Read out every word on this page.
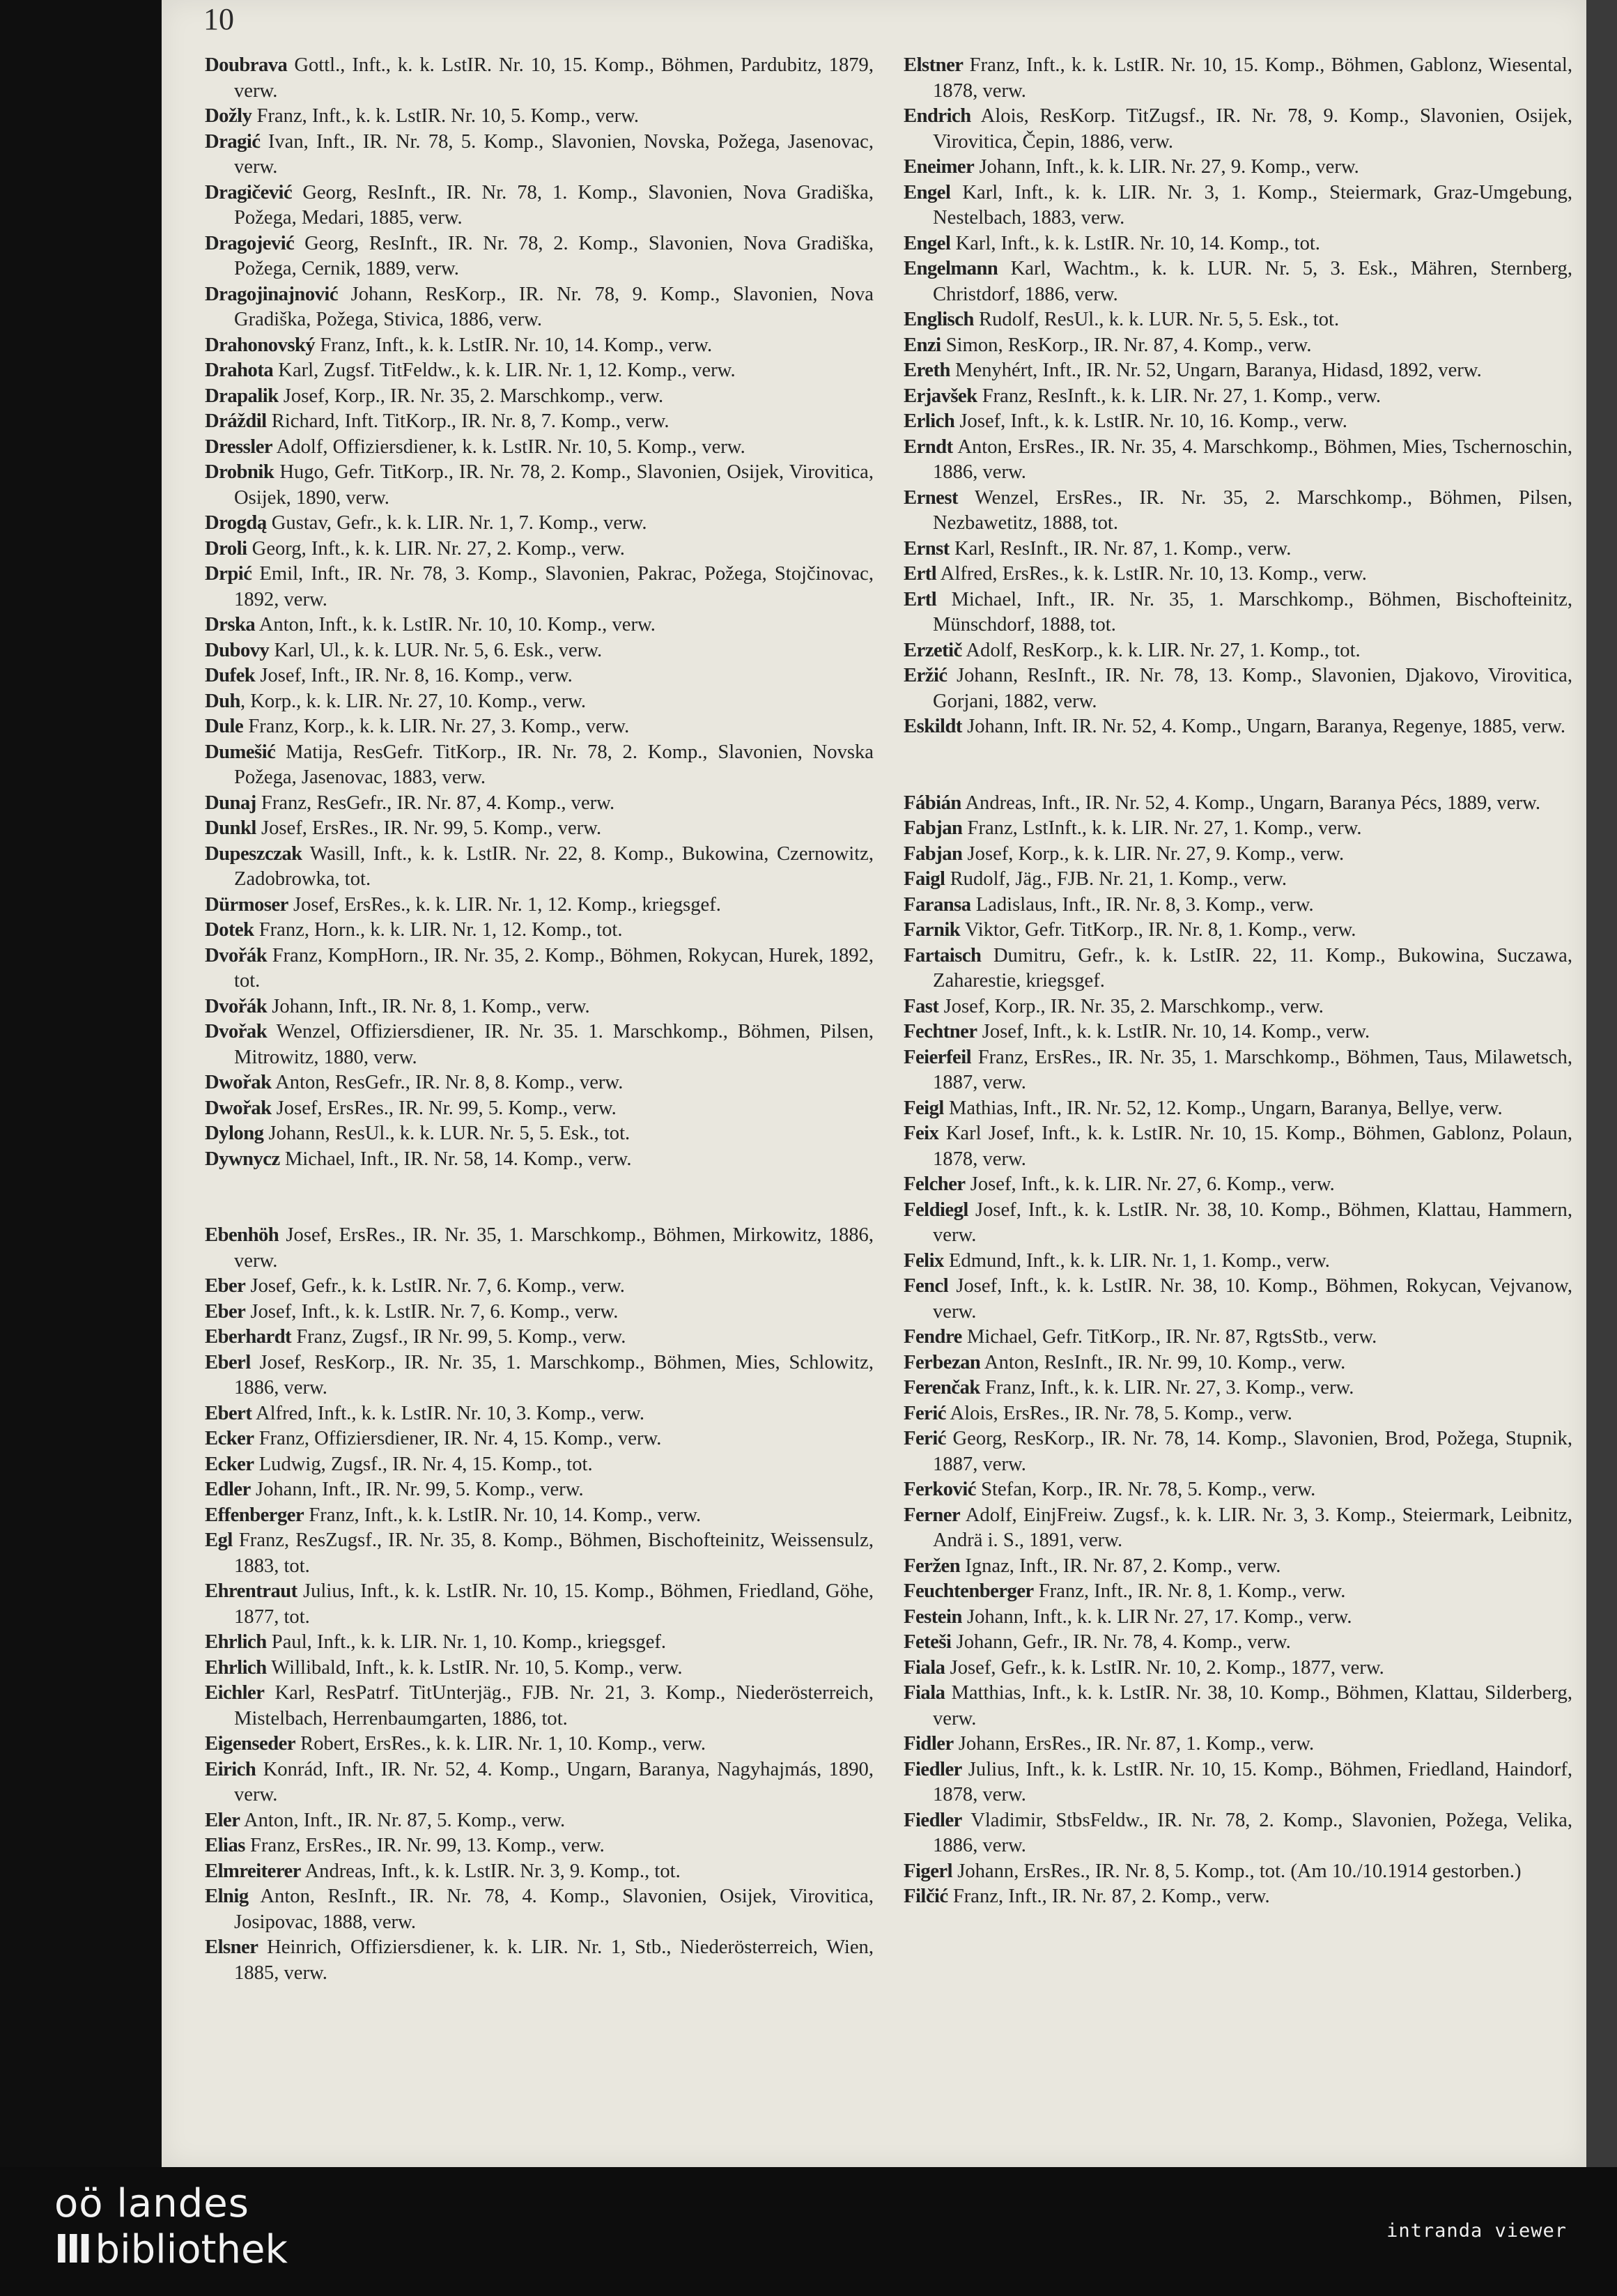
10

Doubrava Gottl., Inft., k. k. LstIR. Nr. 10, 15. Komp., Böhmen, Pardubitz, 1879, verw.

Dožly Franz, Inft., k. k. LstIR. Nr. 10, 5. Komp., verw.

Dragić Ivan, Inft., IR. Nr. 78, 5. Komp., Slavonien, Novska, Požega, Jasenovac, verw.

Dragičević Georg, ResInft., IR. Nr. 78, 1. Komp., Slavonien, Nova Gradiška, Požega, Medari, 1885, verw.

Dragojević Georg, ResInft., IR. Nr. 78, 2. Komp., Slavonien, Nova Gradiška, Požega, Cernik, 1889, verw.

Dragojinajnović Johann, ResKorp., IR. Nr. 78, 9. Komp., Slavonien, Nova Gradiška, Požega, Stivica, 1886, verw.

Drahonovský Franz, Inft., k. k. LstIR. Nr. 10, 14. Komp., verw.

Drahota Karl, Zugsf. TitFeldw., k. k. LIR. Nr. 1, 12. Komp., verw.

Drapalik Josef, Korp., IR. Nr. 35, 2. Marschkomp., verw.

Dráždil Richard, Inft. TitKorp., IR. Nr. 8, 7. Komp., verw.

Dressler Adolf, Offiziersdiener, k. k. LstIR. Nr. 10, 5. Komp., verw.

Drobnik Hugo, Gefr. TitKorp., IR. Nr. 78, 2. Komp., Slavonien, Osijek, Virovitica, Osijek, 1890, verw.

Drogdą Gustav, Gefr., k. k. LIR. Nr. 1, 7. Komp., verw.

Droli Georg, Inft., k. k. LIR. Nr. 27, 2. Komp., verw.

Drpić Emil, Inft., IR. Nr. 78, 3. Komp., Slavonien, Pakrac, Požega, Stojčinovac, 1892, verw.

Drska Anton, Inft., k. k. LstIR. Nr. 10, 10. Komp., verw.

Dubovy Karl, Ul., k. k. LUR. Nr. 5, 6. Esk., verw.

Dufek Josef, Inft., IR. Nr. 8, 16. Komp., verw.

Duh, Korp., k. k. LIR. Nr. 27, 10. Komp., verw.

Dule Franz, Korp., k. k. LIR. Nr. 27, 3. Komp., verw.

Dumešić Matija, ResGefr. TitKorp., IR. Nr. 78, 2. Komp., Slavonien, Novska Požega, Jasenovac, 1883, verw.

Dunaj Franz, ResGefr., IR. Nr. 87, 4. Komp., verw.

Dunkl Josef, ErsRes., IR. Nr. 99, 5. Komp., verw.

Dupeszczak Wasill, Inft., k. k. LstIR. Nr. 22, 8. Komp., Bukowina, Czernowitz, Zadobrowka, tot.

Dürmoser Josef, ErsRes., k. k. LIR. Nr. 1, 12. Komp., kriegsgef.

Dotek Franz, Horn., k. k. LIR. Nr. 1, 12. Komp., tot.

Dvořák Franz, KompHorn., IR. Nr. 35, 2. Komp., Böhmen, Rokycan, Hurek, 1892, tot.

Dvořák Johann, Inft., IR. Nr. 8, 1. Komp., verw.

Dvořak Wenzel, Offiziersdiener, IR. Nr. 35. 1. Marschkomp., Böhmen, Pilsen, Mitrowitz, 1880, verw.

Dwořak Anton, ResGefr., IR. Nr. 8, 8. Komp., verw.

Dwořak Josef, ErsRes., IR. Nr. 99, 5. Komp., verw.

Dylong Johann, ResUl., k. k. LUR. Nr. 5, 5. Esk., tot.

Dywnycz Michael, Inft., IR. Nr. 58, 14. Komp., verw.

Ebenhöh Josef, ErsRes., IR. Nr. 35, 1. Marschkomp., Böhmen, Mirkowitz, 1886, verw.

Eber Josef, Gefr., k. k. LstIR. Nr. 7, 6. Komp., verw.

Eber Josef, Inft., k. k. LstIR. Nr. 7, 6. Komp., verw.

Eberhardt Franz, Zugsf., IR Nr. 99, 5. Komp., verw.

Eberl Josef, ResKorp., IR. Nr. 35, 1. Marschkomp., Böhmen, Mies, Schlowitz, 1886, verw.

Ebert Alfred, Inft., k. k. LstIR. Nr. 10, 3. Komp., verw.

Ecker Franz, Offiziersdiener, IR. Nr. 4, 15. Komp., verw.

Ecker Ludwig, Zugsf., IR. Nr. 4, 15. Komp., tot.

Edler Johann, Inft., IR. Nr. 99, 5. Komp., verw.

Effenberger Franz, Inft., k. k. LstIR. Nr. 10, 14. Komp., verw.

Egl Franz, ResZugsf., IR. Nr. 35, 8. Komp., Böhmen, Bischofteinitz, Weissensulz, 1883, tot.

Ehrentraut Julius, Inft., k. k. LstIR. Nr. 10, 15. Komp., Böhmen, Friedland, Göhe, 1877, tot.

Ehrlich Paul, Inft., k. k. LIR. Nr. 1, 10. Komp., kriegsgef.

Ehrlich Willibald, Inft., k. k. LstIR. Nr. 10, 5. Komp., verw.

Eichler Karl, ResPatrf. TitUnterjäg., FJB. Nr. 21, 3. Komp., Niederösterreich, Mistelbach, Herrenbaumgarten, 1886, tot.

Eigenseder Robert, ErsRes., k. k. LIR. Nr. 1, 10. Komp., verw.

Eirich Konrád, Inft., IR. Nr. 52, 4. Komp., Ungarn, Baranya, Nagyhajmás, 1890, verw.

Eler Anton, Inft., IR. Nr. 87, 5. Komp., verw.

Elias Franz, ErsRes., IR. Nr. 99, 13. Komp., verw.

Elmreiterer Andreas, Inft., k. k. LstIR. Nr. 3, 9. Komp., tot.

Elnig Anton, ResInft., IR. Nr. 78, 4. Komp., Slavonien, Osijek, Virovitica, Josipovac, 1888, verw.

Elsner Heinrich, Offiziersdiener, k. k. LIR. Nr. 1, Stb., Niederösterreich, Wien, 1885, verw.

Elstner Franz, Inft., k. k. LstIR. Nr. 10, 15. Komp., Böhmen, Gablonz, Wiesental, 1878, verw.

Endrich Alois, ResKorp. TitZugsf., IR. Nr. 78, 9. Komp., Slavonien, Osijek, Virovitica, Čepin, 1886, verw.

Eneimer Johann, Inft., k. k. LIR. Nr. 27, 9. Komp., verw.

Engel Karl, Inft., k. k. LIR. Nr. 3, 1. Komp., Steiermark, Graz-Umgebung, Nestelbach, 1883, verw.

Engel Karl, Inft., k. k. LstIR. Nr. 10, 14. Komp., tot.

Engelmann Karl, Wachtm., k. k. LUR. Nr. 5, 3. Esk., Mähren, Sternberg, Christdorf, 1886, verw.

Englisch Rudolf, ResUl., k. k. LUR. Nr. 5, 5. Esk., tot.

Enzi Simon, ResKorp., IR. Nr. 87, 4. Komp., verw.

Ereth Menyhért, Inft., IR. Nr. 52, Ungarn, Baranya, Hidasd, 1892, verw.

Erjavšek Franz, ResInft., k. k. LIR. Nr. 27, 1. Komp., verw.

Erlich Josef, Inft., k. k. LstIR. Nr. 10, 16. Komp., verw.

Erndt Anton, ErsRes., IR. Nr. 35, 4. Marschkomp., Böhmen, Mies, Tschernoschin, 1886, verw.

Ernest Wenzel, ErsRes., IR. Nr. 35, 2. Marschkomp., Böhmen, Pilsen, Nezbawetitz, 1888, tot.

Ernst Karl, ResInft., IR. Nr. 87, 1. Komp., verw.

Ertl Alfred, ErsRes., k. k. LstIR. Nr. 10, 13. Komp., verw.

Ertl Michael, Inft., IR. Nr. 35, 1. Marschkomp., Böhmen, Bischofteinitz, Münschdorf, 1888, tot.

Erzetič Adolf, ResKorp., k. k. LIR. Nr. 27, 1. Komp., tot.

Eržić Johann, ResInft., IR. Nr. 78, 13. Komp., Slavonien, Djakovo, Virovitica, Gorjani, 1882, verw.

Eskildt Johann, Inft. IR. Nr. 52, 4. Komp., Ungarn, Baranya, Regenye, 1885, verw.

Fábián Andreas, Inft., IR. Nr. 52, 4. Komp., Ungarn, Baranya Pécs, 1889, verw.

Fabjan Franz, LstInft., k. k. LIR. Nr. 27, 1. Komp., verw.

Fabjan Josef, Korp., k. k. LIR. Nr. 27, 9. Komp., verw.

Faigl Rudolf, Jäg., FJB. Nr. 21, 1. Komp., verw.

Faransa Ladislaus, Inft., IR. Nr. 8, 3. Komp., verw.

Farnik Viktor, Gefr. TitKorp., IR. Nr. 8, 1. Komp., verw.

Fartaisch Dumitru, Gefr., k. k. LstIR. 22, 11. Komp., Bukowina, Suczawa, Zaharestie, kriegsgef.

Fast Josef, Korp., IR. Nr. 35, 2. Marschkomp., verw.

Fechtner Josef, Inft., k. k. LstIR. Nr. 10, 14. Komp., verw.

Feierfeil Franz, ErsRes., IR. Nr. 35, 1. Marschkomp., Böhmen, Taus, Milawetsch, 1887, verw.

Feigl Mathias, Inft., IR. Nr. 52, 12. Komp., Ungarn, Baranya, Bellye, verw.

Feix Karl Josef, Inft., k. k. LstIR. Nr. 10, 15. Komp., Böhmen, Gablonz, Polaun, 1878, verw.

Felcher Josef, Inft., k. k. LIR. Nr. 27, 6. Komp., verw.

Feldiegl Josef, Inft., k. k. LstIR. Nr. 38, 10. Komp., Böhmen, Klattau, Hammern, verw.

Felix Edmund, Inft., k. k. LIR. Nr. 1, 1. Komp., verw.

Fencl Josef, Inft., k. k. LstIR. Nr. 38, 10. Komp., Böhmen, Rokycan, Vejvanow, verw.

Fendre Michael, Gefr. TitKorp., IR. Nr. 87, RgtsStb., verw.

Ferbezan Anton, ResInft., IR. Nr. 99, 10. Komp., verw.

Ferenčak Franz, Inft., k. k. LIR. Nr. 27, 3. Komp., verw.

Ferić Alois, ErsRes., IR. Nr. 78, 5. Komp., verw.

Ferić Georg, ResKorp., IR. Nr. 78, 14. Komp., Slavonien, Brod, Požega, Stupnik, 1887, verw.

Ferković Stefan, Korp., IR. Nr. 78, 5. Komp., verw.

Ferner Adolf, EinjFreiw. Zugsf., k. k. LIR. Nr. 3, 3. Komp., Steiermark, Leibnitz, Andrä i. S., 1891, verw.

Feržen Ignaz, Inft., IR. Nr. 87, 2. Komp., verw.

Feuchtenberger Franz, Inft., IR. Nr. 8, 1. Komp., verw.

Festein Johann, Inft., k. k. LIR Nr. 27, 17. Komp., verw.

Fetеši Johann, Gefr., IR. Nr. 78, 4. Komp., verw.

Fiala Josef, Gefr., k. k. LstIR. Nr. 10, 2. Komp., 1877, verw.

Fiala Matthias, Inft., k. k. LstIR. Nr. 38, 10. Komp., Böhmen, Klattau, Silderberg, verw.

Fidler Johann, ErsRes., IR. Nr. 87, 1. Komp., verw.

Fiedler Julius, Inft., k. k. LstIR. Nr. 10, 15. Komp., Böhmen, Friedland, Haindorf, 1878, verw.

Fiedler Vladimir, StbsFeldw., IR. Nr. 78, 2. Komp., Slavonien, Požega, Velika, 1886, verw.

Figerl Johann, ErsRes., IR. Nr. 8, 5. Komp., tot. (Am 10./10.1914 gestorben.)

Filčić Franz, Inft., IR. Nr. 87, 2. Komp., verw.

oö landes
III bibliothek	intranda viewer
